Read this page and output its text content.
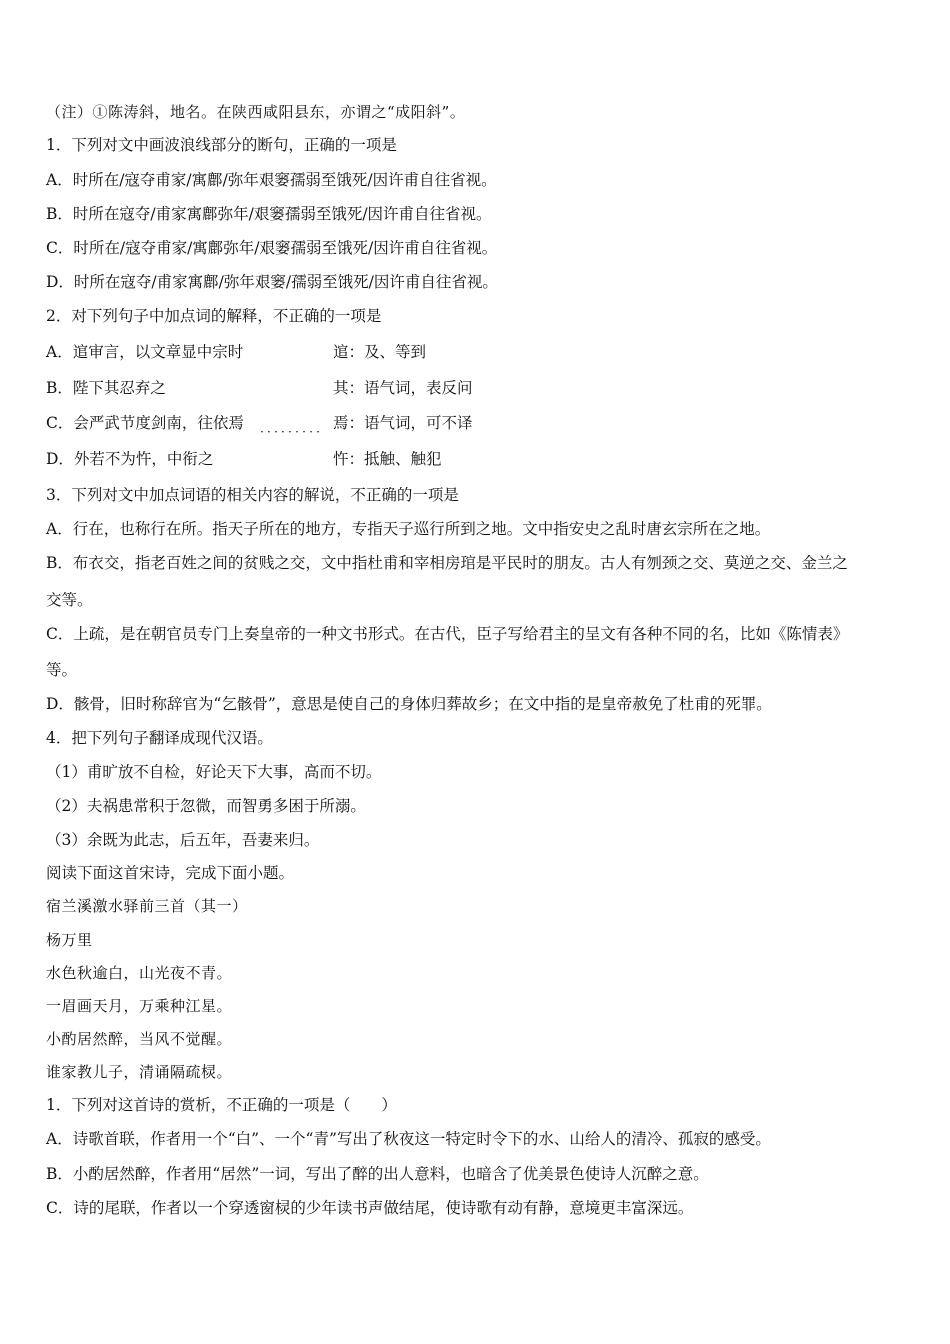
（注）①陈涛斜，地名。在陕西咸阳县东，亦谓之“成阳斜”。
1．下列对文中画波浪线部分的断句，正确的一项是
A．时所在/寇夺甫家/寓鄜/弥年艰窭孺弱至饿死/因许甫自往省视。
B．时所在寇夺/甫家寓鄜弥年/艰窭孺弱至饿死/因许甫自往省视。
C．时所在/寇夺甫家/寓鄜弥年/艰窭孺弱至饿死/因许甫自往省视。
D．时所在寇夺/甫家寓鄜/弥年艰窭/孺弱至饿死/因许甫自往省视。
2．对下列句子中加点词的解释，不正确的一项是
A．逭审言，以文章显中宗时	逭：及、等到
B．陛下其忍弃之	其：语气词，表反问
C．会严武节度剑南，往依焉 ········· 焉：语气词，可不译
D．外若不为忤，中衔之	忤：抵触、触犯
3．下列对文中加点词语的相关内容的解说，不正确的一项是
A．行在，也称行在所。指天子所在的地方，专指天子巡行所到之地。文中指安史之乱时唐玄宗所在之地。
B．布衣交，指老百姓之间的贫贱之交，文中指杜甫和宰相房琯是平民时的朋友。古人有刎颈之交、莫逆之交、金兰之
交等。
C．上疏，是在朝官员专门上奏皇帝的一种文书形式。在古代，臣子写给君主的呈文有各种不同的名，比如《陈情表》
等。
D．骸骨，旧时称辞官为“乞骸骨”，意思是使自己的身体归葬故乡；在文中指的是皇帝赦免了杜甫的死罪。
4．把下列句子翻译成现代汉语。
（1）甫旷放不自检，好论天下大事，高而不切。
（2）夫祸患常积于忽微，而智勇多困于所溺。
（3）余既为此志，后五年，吾妻来归。
阅读下面这首宋诗，完成下面小题。
宿兰溪激水驿前三首（其一）
杨万里
水色秋逾白，山光夜不青。
一眉画天月，万乘种江星。
小酌居然醉，当风不觉醒。
谁家教儿子，清诵隔疏棂。
1．下列对这首诗的赏析，不正确的一项是（　　）
A．诗歌首联，作者用一个“白”、一个“青”写出了秋夜这一特定时令下的水、山给人的清冷、孤寂的感受。
B．小酌居然醉，作者用“居然”一词，写出了醉的出人意料，也暗含了优美景色使诗人沉醉之意。
C．诗的尾联，作者以一个穿透窗棂的少年读书声做结尾，使诗歌有动有静，意境更丰富深远。
